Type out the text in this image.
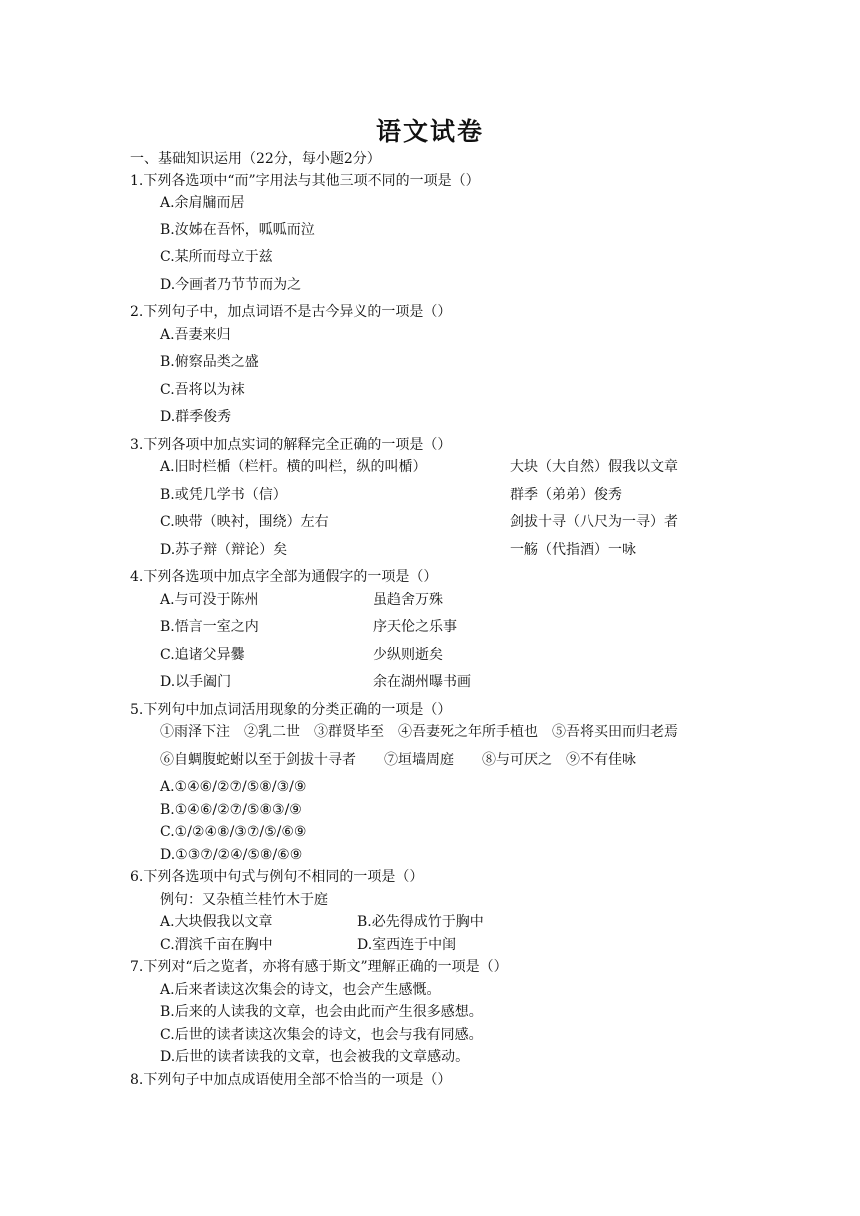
语文试卷
一、基础知识运用（22分，每小题2分）
1.下列各选项中“而”字用法与其他三项不同的一项是（）
A.余肩牖而居
B.汝姊在吾怀，呱呱而泣
C.某所而母立于兹
D.今画者乃节节而为之
2.下列句子中，加点词语不是古今异义的一项是（）
A.吾妻来归
B.俯察品类之盛
C.吾将以为袜
D.群季俊秀
3.下列各项中加点实词的解释完全正确的一项是（）
A.旧时栏楯（栏杆。横的叫栏，纵的叫楯）	大块（大自然）假我以文章
B.或凭几学书（信）	群季（弟弟）俊秀
C.映带（映衬，围绕）左右	剑拔十寻（八尺为一寻）者
D.苏子辩（辩论）矣	一觞（代指酒）一咏
4.下列各选项中加点字全部为通假字的一项是（）
A.与可没于陈州	虽趋舍万殊
B.悟言一室之内	序天伦之乐事
C.追诸父异爨	少纵则逝矣
D.以手阖门	余在湖州曝书画
5.下列句中加点词活用现象的分类正确的一项是（）
①雨泽下注　②乳二世　③群贤毕至　④吾妻死之年所手植也　⑤吾将买田而归老焉
⑥自蜩腹蛇蚹以至于剑拔十寻者　　⑦垣墙周庭　　⑧与可厌之　⑨不有佳咏
A.①④⑥/②⑦/⑤⑧/③/⑨
B.①④⑥/②⑦/⑤⑧③/⑨
C.①/②④⑧/③⑦/⑤/⑥⑨
D.①③⑦/②④/⑤⑧/⑥⑨
6.下列各选项中句式与例句不相同的一项是（）
例句：又杂植兰桂竹木于庭
A.大块假我以文章	B.必先得成竹于胸中
C.渭滨千亩在胸中	D.室西连于中闺
7.下列对“后之览者，亦将有感于斯文”理解正确的一项是（）
A.后来者读这次集会的诗文，也会产生感慨。
B.后来的人读我的文章，也会由此而产生很多感想。
C.后世的读者读这次集会的诗文，也会与我有同感。
D.后世的读者读我的文章，也会被我的文章感动。
8.下列句子中加点成语使用全部不恰当的一项是（）
